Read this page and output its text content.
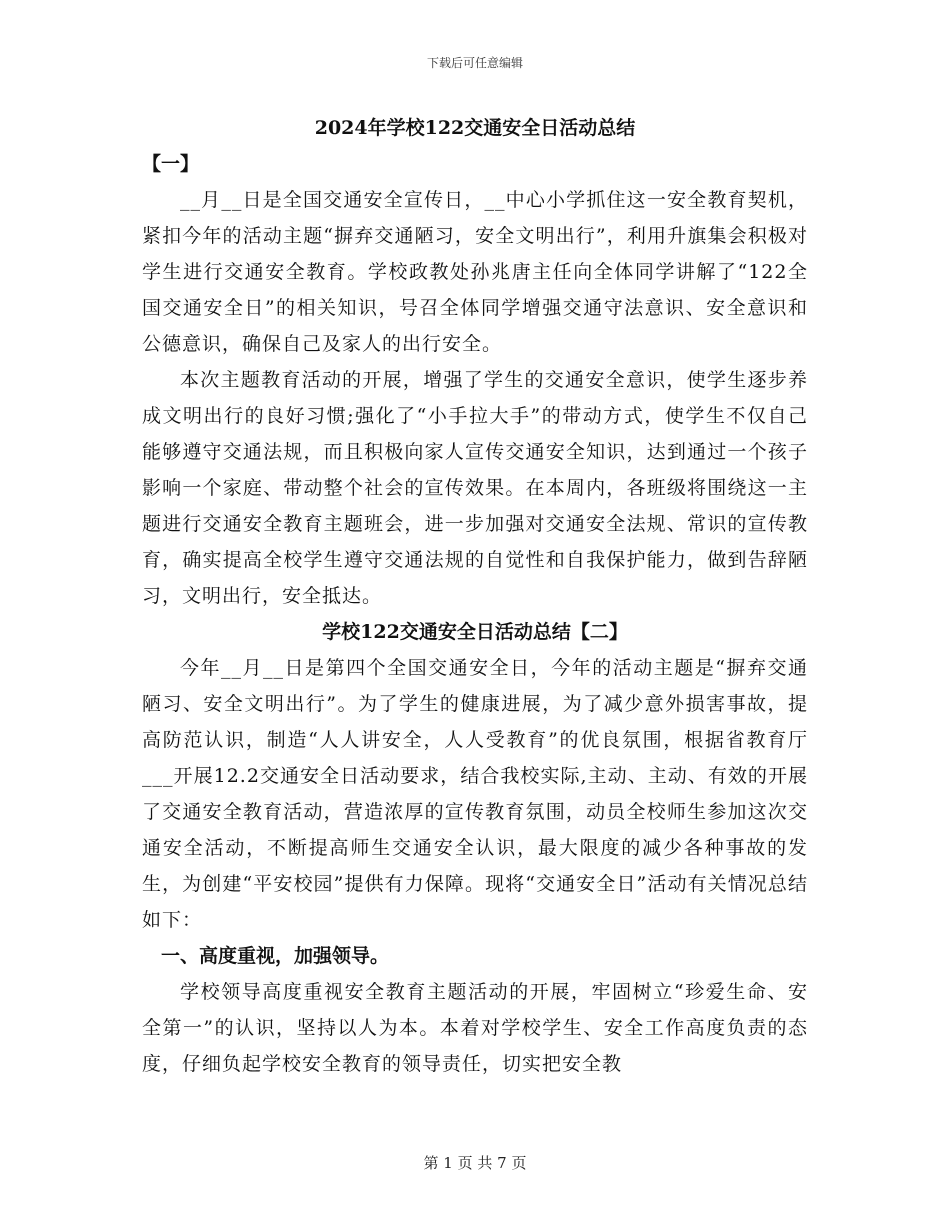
下载后可任意编辑
2024年学校122交通安全日活动总结
【一】

__月__日是全国交通安全宣传日，__中心小学抓住这一安全教育契机，紧扣今年的活动主题“摒弃交通陋习，安全文明出行”，利用升旗集会积极对学生进行交通安全教育。学校政教处孙兆唐主任向全体同学讲解了“122全国交通安全日”的相关知识，号召全体同学增强交通守法意识、安全意识和公德意识，确保自己及家人的出行安全。

本次主题教育活动的开展，增强了学生的交通安全意识，使学生逐步养成文明出行的良好习惯;强化了“小手拉大手”的带动方式，使学生不仅自己能够遵守交通法规，而且积极向家人宣传交通安全知识，达到通过一个孩子影响一个家庭、带动整个社会的宣传效果。在本周内，各班级将围绕这一主题进行交通安全教育主题班会，进一步加强对交通安全法规、常识的宣传教育，确实提高全校学生遵守交通法规的自觉性和自我保护能力，做到告辞陋习，文明出行，安全抵达。

学校122交通安全日活动总结【二】

今年__月__日是第四个全国交通安全日，今年的活动主题是“摒弃交通陋习、安全文明出行”。为了学生的健康进展，为了减少意外损害事故，提高防范认识，制造“人人讲安全，人人受教育”的优良氛围，根据省教育厅___开展12.2交通安全日活动要求，结合我校实际,主动、主动、有效的开展了交通安全教育活动，营造浓厚的宣传教育氛围，动员全校师生参加这次交通安全活动，不断提高师生交通安全认识，最大限度的减少各种事故的发生，为创建“平安校园”提供有力保障。现将“交通安全日”活动有关情况总结如下：

一、高度重视，加强领导。

学校领导高度重视安全教育主题活动的开展，牢固树立“珍爱生命、安全第一”的认识，坚持以人为本。本着对学校学生、安全工作高度负责的态度，仔细负起学校安全教育的领导责任，切实把安全教

第 1 页 共 7 页
